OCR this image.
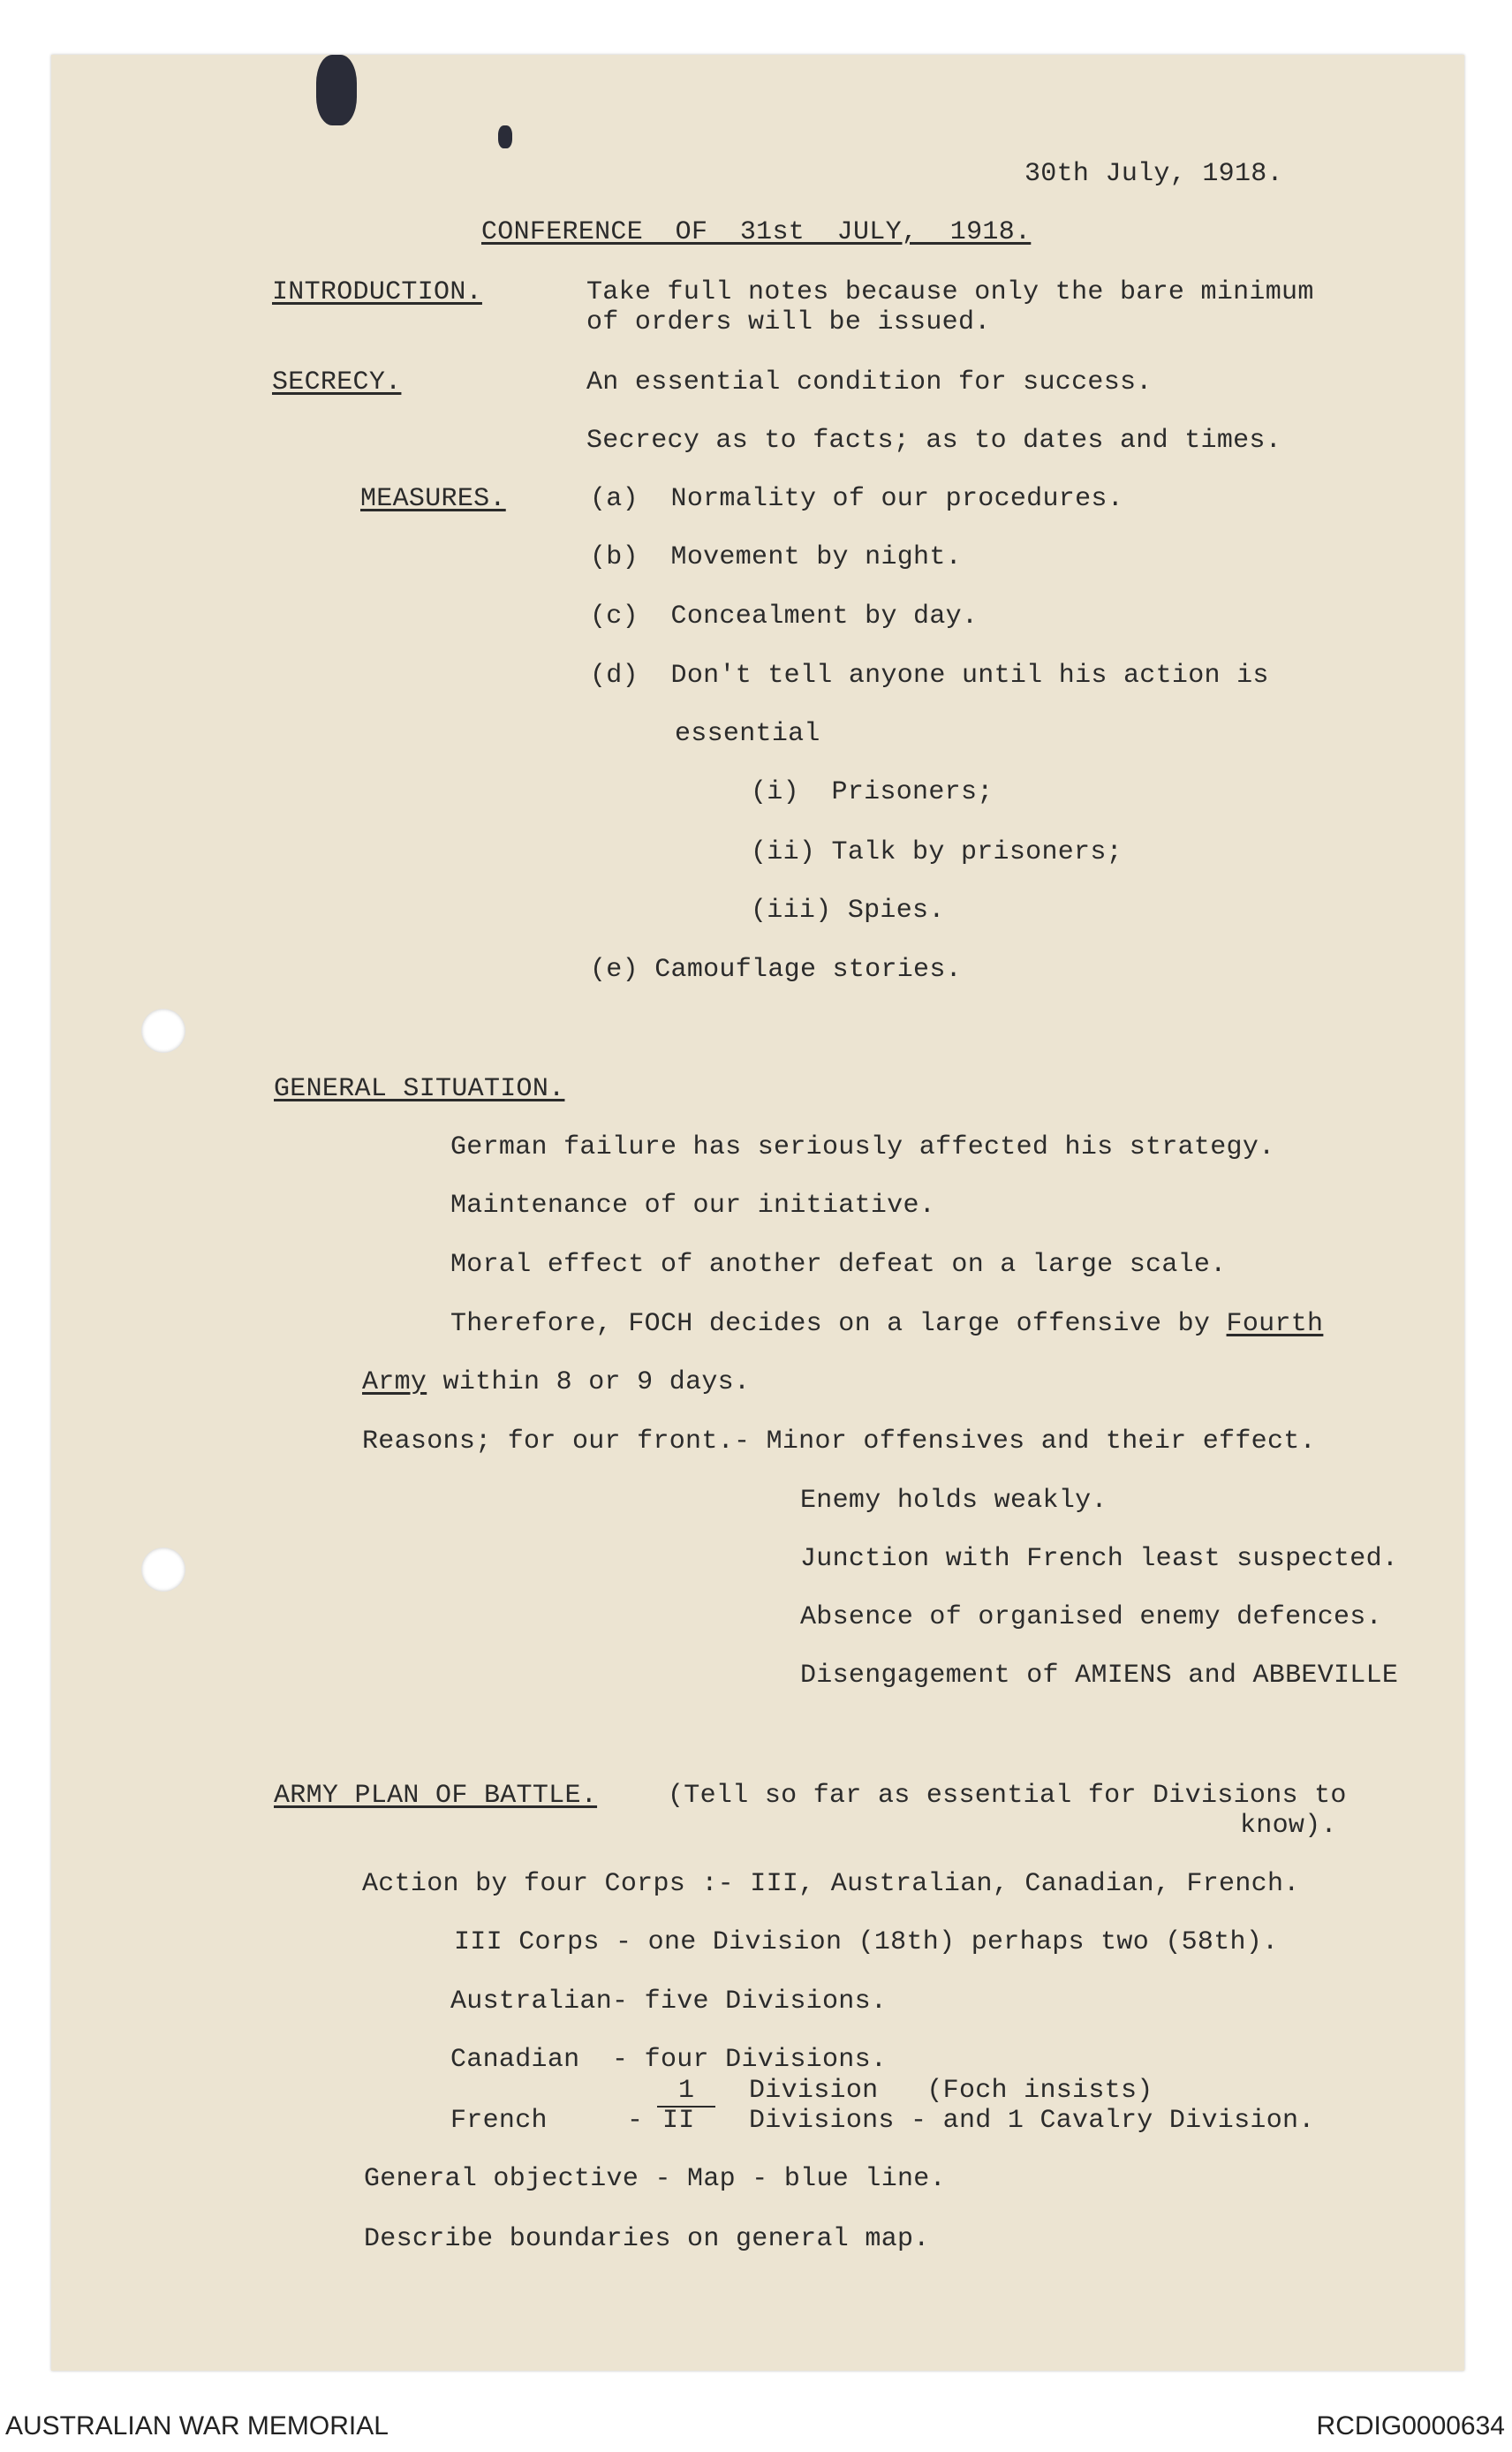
30th July, 1918.
CONFERENCE  OF  31st  JULY,  1918.
INTRODUCTION.	Take full notes because only the bare minimum
of orders will be issued.
SECRECY.	An essential condition for success.
Secrecy as to facts; as to dates and times.
MEASURES.	(a)  Normality of our procedures.
(b)  Movement by night.
(c)  Concealment by day.
(d)  Don't tell anyone until his action is
essential
(i)  Prisoners;
(ii) Talk by prisoners;
(iii) Spies.
(e) Camouflage stories.
GENERAL SITUATION.
German failure has seriously affected his strategy.
Maintenance of our initiative.
Moral effect of another defeat on a large scale.
Therefore, FOCH decides on a large offensive by Fourth
Army within 8 or 9 days.
Reasons; for our front.- Minor offensives and their effect.
Enemy holds weakly.
Junction with French least suspected.
Absence of organised enemy defences.
Disengagement of AMIENS and ABBEVILLE
ARMY PLAN OF BATTLE.	(Tell so far as essential for Divisions to
know).
Action by four Corps :- III, Australian, Canadian, French.
III Corps - one Division (18th) perhaps two (58th).
Australian- five Divisions.
Canadian  - four Divisions.
1 Division   (Foch insists)
French	- II Divisions - and 1 Cavalry Division.
General objective - Map - blue line.
Describe boundaries on general map.
AUSTRALIAN WAR MEMORIAL	RCDIG0000634
